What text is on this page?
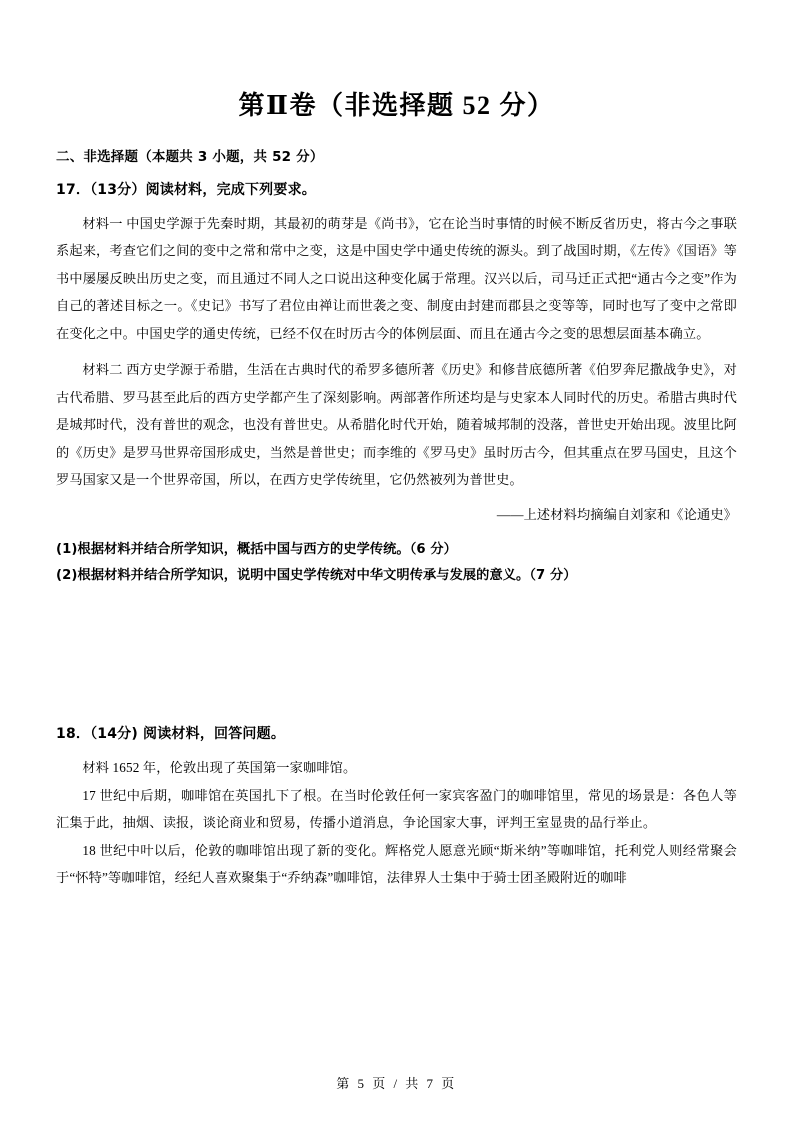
第Ⅱ卷（非选择题 52 分）

二、非选择题（本题共 3 小题，共 52 分）

17．（13分）阅读材料，完成下列要求。

材料一 中国史学源于先秦时期，其最初的萌芽是《尚书》，它在论当时事情的时候不断反省历史，将古今之事联系起来，考查它们之间的变中之常和常中之变，这是中国史学中通史传统的源头。到了战国时期，《左传》《国语》等书中屡屡反映出历史之变，而且通过不同人之口说出这种变化属于常理。汉兴以后，司马迁正式把“通古今之变”作为自己的著述目标之一。《史记》书写了君位由禅让而世袭之变、制度由封建而郡县之变等等，同时也写了变中之常即在变化之中。中国史学的通史传统，已经不仅在时历古今的体例层面、而且在通古今之变的思想层面基本确立。

材料二 西方史学源于希腊，生活在古典时代的希罗多德所著《历史》和修昔底德所著《伯罗奔尼撒战争史》，对古代希腊、罗马甚至此后的西方史学都产生了深刻影响。两部著作所述均是与史家本人同时代的历史。希腊古典时代是城邦时代，没有普世的观念，也没有普世史。从希腊化时代开始，随着城邦制的没落，普世史开始出现。波里比阿的《历史》是罗马世界帝国形成史，当然是普世史；而李维的《罗马史》虽时历古今，但其重点在罗马国史，且这个罗马国家又是一个世界帝国，所以，在西方史学传统里，它仍然被列为普世史。

——上述材料均摘编自刘家和《论通史》

(1)根据材料并结合所学知识，概括中国与西方的史学传统。（6 分）

(2)根据材料并结合所学知识，说明中国史学传统对中华文明传承与发展的意义。（7 分）

18．（14分) 阅读材料，回答问题。

材料 1652 年，伦敦出现了英国第一家咖啡馆。

17 世纪中后期，咖啡馆在英国扎下了根。在当时伦敦任何一家宾客盈门的咖啡馆里，常见的场景是：各色人等汇集于此，抽烟、读报，谈论商业和贸易，传播小道消息，争论国家大事，评判王室显贵的品行举止。

18 世纪中叶以后，伦敦的咖啡馆出现了新的变化。辉格党人愿意光顾“斯米纳”等咖啡馆，托利党人则经常聚会于“怀特”等咖啡馆，经纪人喜欢聚集于“乔纳森”咖啡馆，法律界人士集中于骑士团圣殿附近的咖啡

第 5 页 / 共 7 页
